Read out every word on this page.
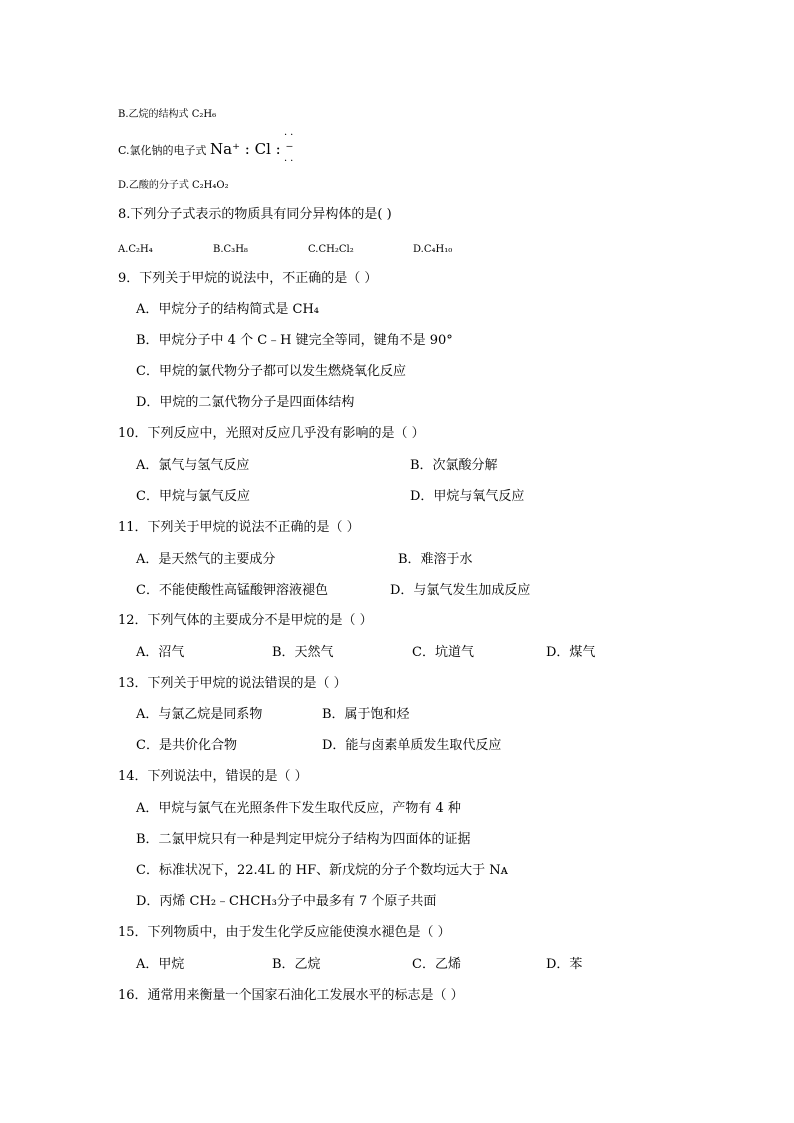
B.乙烷的结构式 C₂H₆
C.氯化钠的电子式 Na⁺ : Cl : ⁻
··
··
D.乙酸的分子式 C₂H₄O₂
8.下列分子式表示的物质具有同分异构体的是( )
A.C₂H₄	B.C₃H₈	C.CH₂Cl₂	D.C₄H₁₀
9．下列关于甲烷的说法中，不正确的是（ ）
A．甲烷分子的结构简式是 CH₄
B．甲烷分子中 4 个 C﹣H 键完全等同，键角不是 90°
C．甲烷的氯代物分子都可以发生燃烧氧化反应
D．甲烷的二氯代物分子是四面体结构
10．下列反应中，光照对反应几乎没有影响的是（ ）
A．氯气与氢气反应	B．次氯酸分解
C．甲烷与氯气反应	D．甲烷与氧气反应
11．下列关于甲烷的说法不正确的是（ ）
A．是天然气的主要成分	B．难溶于水
C．不能使酸性高锰酸钾溶液褪色	D．与氯气发生加成反应
12．下列气体的主要成分不是甲烷的是（ ）
A．沼气	B．天然气	C．坑道气	D．煤气
13．下列关于甲烷的说法错误的是（ ）
A．与氯乙烷是同系物	B．属于饱和烃
C．是共价化合物	D．能与卤素单质发生取代反应
14．下列说法中，错误的是（ ）
A．甲烷与氯气在光照条件下发生取代反应，产物有 4 种
B．二氯甲烷只有一种是判定甲烷分子结构为四面体的证据
C．标准状况下，22.4L 的 HF、新戊烷的分子个数均远大于 Nᴀ
D．丙烯 CH₂﹣CHCH₃分子中最多有 7 个原子共面
15．下列物质中，由于发生化学反应能使溴水褪色是（ ）
A．甲烷	B．乙烷	C．乙烯	D．苯
16．通常用来衡量一个国家石油化工发展水平的标志是（ ）
